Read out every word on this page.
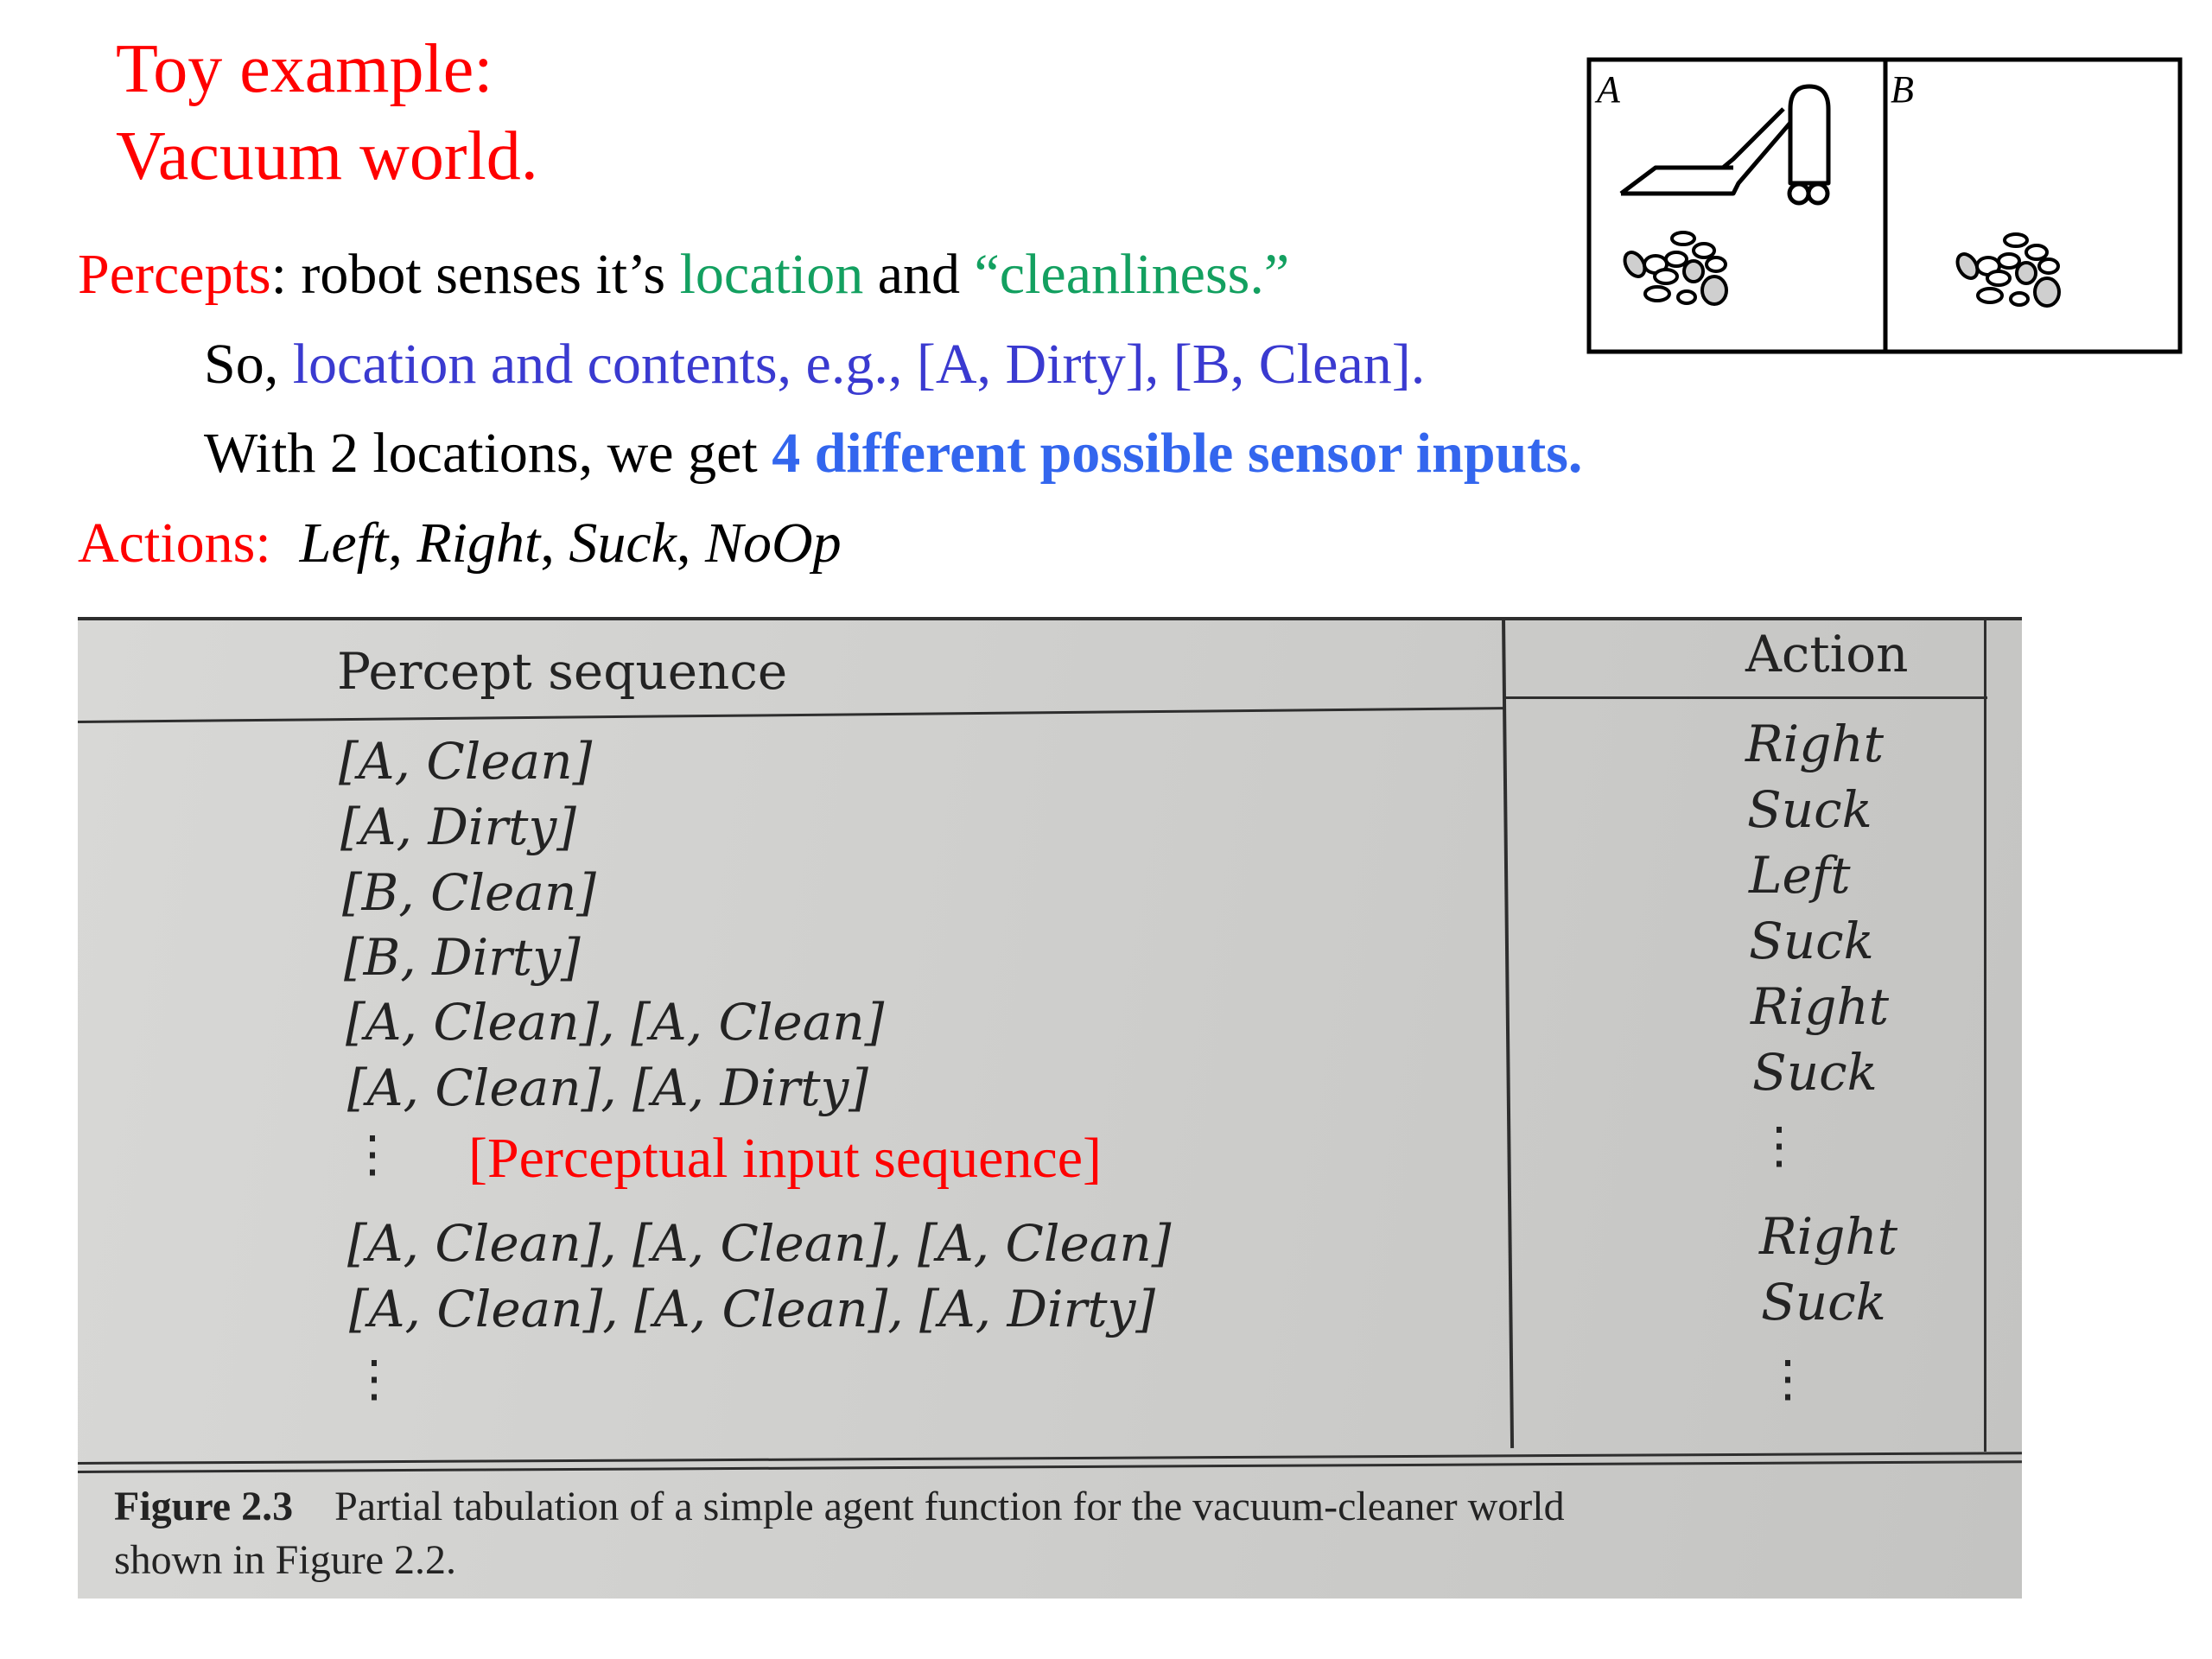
Toy example:
Vacuum world.
Percepts: robot senses it’s location and “cleanliness.”
So, location and contents, e.g., [A, Dirty], [B, Clean].
With 2 locations, we get 4 different possible sensor inputs.
Actions: Left, Right, Suck, NoOp
A	B
Percept sequence	Action
[A, Clean]
[A, Dirty]
[B, Clean]
[B, Dirty]
[A, Clean], [A, Clean]
[A, Clean], [A, Dirty]
⋮ [Perceptual input sequence]
[A, Clean], [A, Clean], [A, Clean]
[A, Clean], [A, Clean], [A, Dirty]
⋮
Right
Suck
Left
Suck
Right
Suck
⋮
Right
Suck
⋮
Figure 2.3 Partial tabulation of a simple agent function for the vacuum-cleaner world
shown in Figure 2.2.
